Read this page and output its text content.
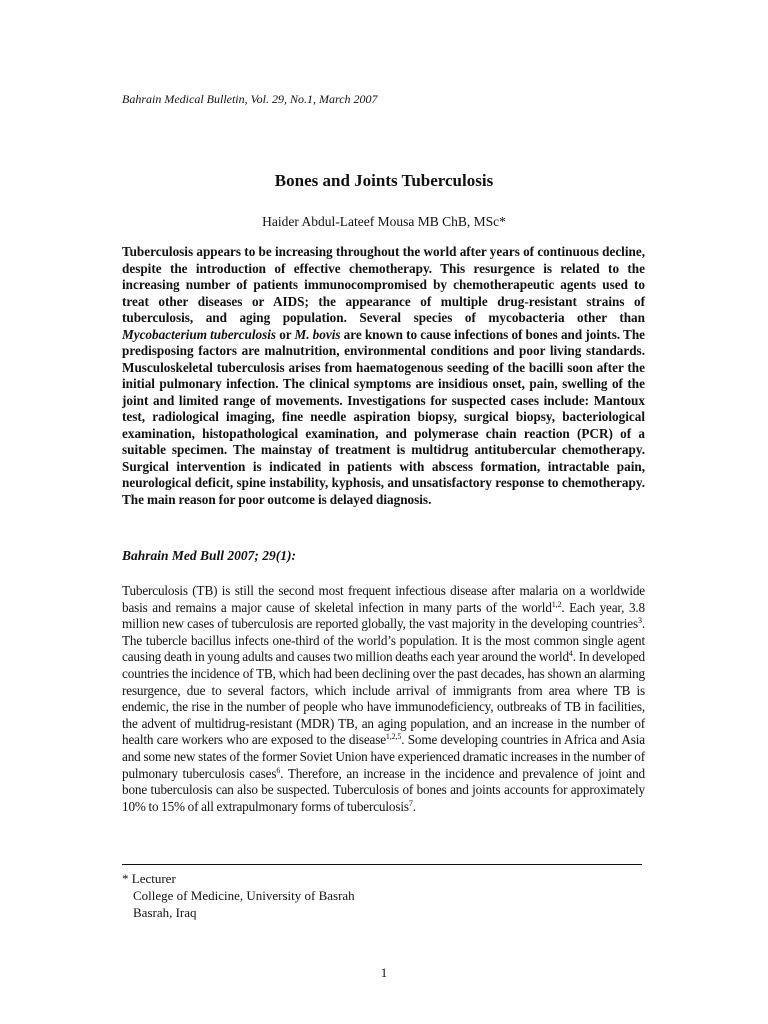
Bahrain Medical Bulletin, Vol. 29, No.1, March 2007
Bones and Joints Tuberculosis
Haider Abdul-Lateef Mousa MB ChB, MSc*

Tuberculosis appears to be increasing throughout the world after years of continuous decline, despite the introduction of effective chemotherapy. This resurgence is related to the increasing number of patients immunocompromised by chemotherapeutic agents used to treat other diseases or AIDS; the appearance of multiple drug-resistant strains of tuberculosis, and aging population. Several species of mycobacteria other than Mycobacterium tuberculosis or M. bovis are known to cause infections of bones and joints. The predisposing factors are malnutrition, environmental conditions and poor living standards. Musculoskeletal tuberculosis arises from haematogenous seeding of the bacilli soon after the initial pulmonary infection. The clinical symptoms are insidious onset, pain, swelling of the joint and limited range of movements. Investigations for suspected cases include: Mantoux test, radiological imaging, fine needle aspiration biopsy, surgical biopsy, bacteriological examination, histopathological examination, and polymerase chain reaction (PCR) of a suitable specimen. The mainstay of treatment is multidrug antitubercular chemotherapy. Surgical intervention is indicated in patients with abscess formation, intractable pain, neurological deficit, spine instability, kyphosis, and unsatisfactory response to chemotherapy. The main reason for poor outcome is delayed diagnosis.

Bahrain Med Bull 2007; 29(1):

Tuberculosis (TB) is still the second most frequent infectious disease after malaria on a worldwide basis and remains a major cause of skeletal infection in many parts of the world$^{1,2}$. Each year, 3.8 million new cases of tuberculosis are reported globally, the vast majority in the developing countries$^3$. The tubercle bacillus infects one-third of the world’s population. It is the most common single agent causing death in young adults and causes two million deaths each year around the world$^4$. In developed countries the incidence of TB, which had been declining over the past decades, has shown an alarming resurgence, due to several factors, which include arrival of immigrants from area where TB is endemic, the rise in the number of people who have immunodeficiency, outbreaks of TB in facilities, the advent of multidrug-resistant (MDR) TB, an aging population, and an increase in the number of health care workers who are exposed to the disease$^{1,2,5}$. Some developing countries in Africa and Asia and some new states of the former Soviet Union have experienced dramatic increases in the number of pulmonary tuberculosis cases$^6$. Therefore, an increase in the incidence and prevalence of joint and bone tuberculosis can also be suspected. Tuberculosis of bones and joints accounts for approximately 10% to 15% of all extrapulmonary forms of tuberculosis$^7$.

* Lecturer
College of Medicine, University of Basrah
Basrah, Iraq
1
